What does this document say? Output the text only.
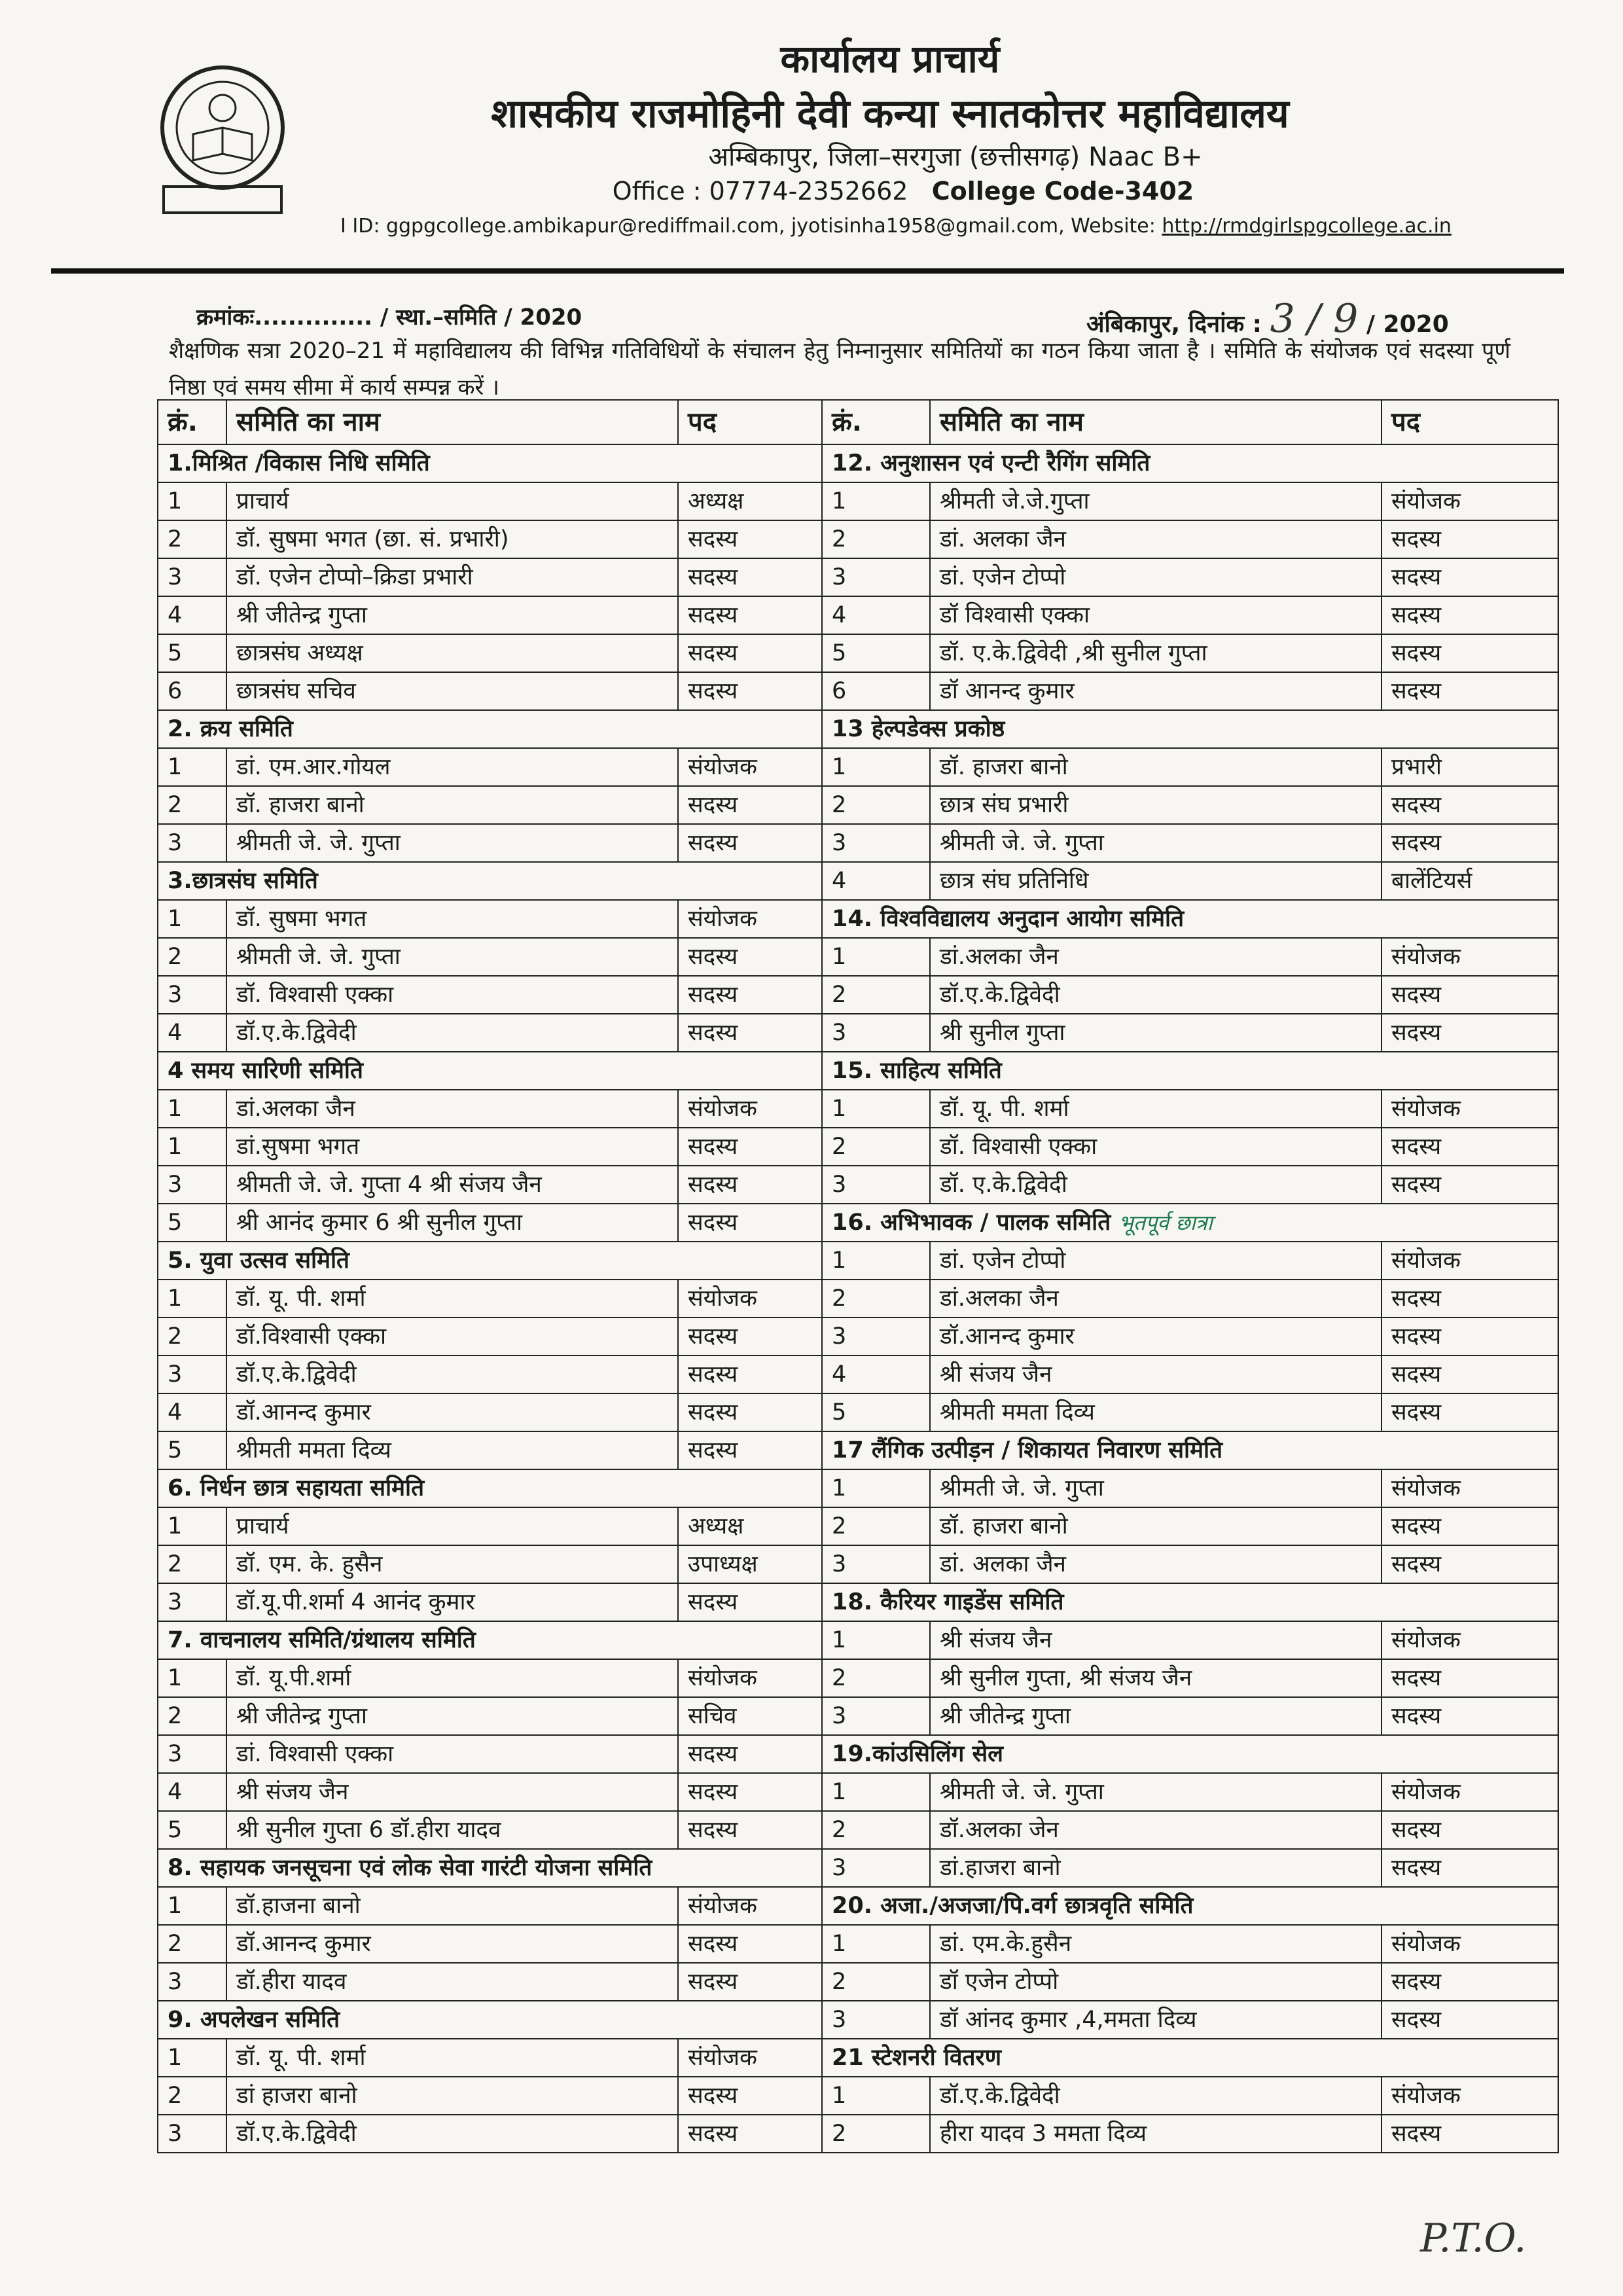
कार्यालय प्राचार्य
शासकीय राजमोहिनी देवी कन्या स्नातकोत्तर महाविद्यालय
अम्बिकापुर, जिला–सरगुजा (छत्तीसगढ़) Naac B+
Office : 07774-2352662 College Code-3402
I ID: ggpgcollege.ambikapur@rediffmail.com, jyotisinha1958@gmail.com, Website: http://rmdgirlspgcollege.ac.in
क्रमांकः.............. / स्था.–समिति / 2020	अंबिकापुर, दिनांक : 3 / 9 / 2020
शैक्षणिक सत्रा 2020–21 में महाविद्यालय की विभिन्न गतिविधियों के संचालन हेतु निम्नानुसार समितियों का गठन किया जाता है । समिति के संयोजक एवं सदस्या पूर्ण निष्ठा एवं समय सीमा में कार्य सम्पन्न करें ।
क्रं.	समिति का नाम	पद	क्रं.	समिति का नाम	पद
1.मिश्रित /विकास निधि समिति			12. अनुशासन एवं एन्टी रैगिंग समिति		
1	प्राचार्य	अध्यक्ष	1	श्रीमती जे.जे.गुप्ता	संयोजक
2	डॉ. सुषमा भगत (छा. सं. प्रभारी)	सदस्य	2	डां. अलका जैन	सदस्य
3	डॉ. एजेन टोप्पो–क्रिडा प्रभारी	सदस्य	3	डां. एजेन टोप्पो	सदस्य
4	श्री जीतेन्द्र गुप्ता	सदस्य	4	डॉ विश्वासी एक्का	सदस्य
5	छात्रसंघ अध्यक्ष	सदस्य	5	डॉ. ए.के.द्विवेदी ,श्री सुनील गुप्ता	सदस्य
6	छात्रसंघ सचिव	सदस्य	6	डॉ आनन्द कुमार	सदस्य
2. क्रय समिति			13 हेल्पडेक्स प्रकोष्ठ		
1	डां. एम.आर.गोयल	संयोजक	1	डॉ. हाजरा बानो	प्रभारी
2	डॉ. हाजरा बानो	सदस्य	2	छात्र संघ प्रभारी	सदस्य
3	श्रीमती जे. जे. गुप्ता	सदस्य	3	श्रीमती जे. जे. गुप्ता	सदस्य
3.छात्रसंघ समिति			4	छात्र संघ प्रतिनिधि	बालेंटियर्स
1	डॉ. सुषमा भगत	संयोजक	14. विश्वविद्यालय अनुदान आयोग समिति		
2	श्रीमती जे. जे. गुप्ता	सदस्य	1	डां.अलका जैन	संयोजक
3	डॉ. विश्वासी एक्का	सदस्य	2	डॉ.ए.के.द्विवेदी	सदस्य
4	डॉ.ए.के.द्विवेदी	सदस्य	3	श्री सुनील गुप्ता	सदस्य
4 समय सारिणी समिति			15. साहित्य समिति		
1	डां.अलका जैन	संयोजक	1	डॉ. यू. पी. शर्मा	संयोजक
1	डां.सुषमा भगत	सदस्य	2	डॉ. विश्वासी एक्का	सदस्य
3	श्रीमती जे. जे. गुप्ता 4 श्री संजय जैन	सदस्य	3	डॉ. ए.के.द्विवेदी	सदस्य
5	श्री आनंद कुमार 6 श्री सुनील गुप्ता	सदस्य	16. अभिभावक / पालक समिति भूतपूर्व छात्रा		
5. युवा उत्सव समिति			1	डां. एजेन टोप्पो	संयोजक
1	डॉ. यू. पी. शर्मा	संयोजक	2	डां.अलका जैन	सदस्य
2	डॉ.विश्वासी एक्का	सदस्य	3	डॉ.आनन्द कुमार	सदस्य
3	डॉ.ए.के.द्विवेदी	सदस्य	4	श्री संजय जैन	सदस्य
4	डॉ.आनन्द कुमार	सदस्य	5	श्रीमती ममता दिव्य	सदस्य
5	श्रीमती ममता दिव्य	सदस्य	17 लैंगिक उत्पीड़न / शिकायत निवारण समिति		
6. निर्धन छात्र सहायता समिति			1	श्रीमती जे. जे. गुप्ता	संयोजक
1	प्राचार्य	अध्यक्ष	2	डॉ. हाजरा बानो	सदस्य
2	डॉ. एम. के. हुसैन	उपाध्यक्ष	3	डां. अलका जैन	सदस्य
3	डॉ.यू.पी.शर्मा 4 आनंद कुमार	सदस्य	18. कैरियर गाइडेंस समिति		
7. वाचनालय समिति/ग्रंथालय समिति			1	श्री संजय जैन	संयोजक
1	डॉ. यू.पी.शर्मा	संयोजक	2	श्री सुनील गुप्ता, श्री संजय जैन	सदस्य
2	श्री जीतेन्द्र गुप्ता	सचिव	3	श्री जीतेन्द्र गुप्ता	सदस्य
3	डां. विश्वासी एक्का	सदस्य	19.कांउसिलिंग सेल		
4	श्री संजय जैन	सदस्य	1	श्रीमती जे. जे. गुप्ता	संयोजक
5	श्री सुनील गुप्ता 6 डॉ.हीरा यादव	सदस्य	2	डॉ.अलका जेन	सदस्य
8. सहायक जनसूचना एवं लोक सेवा गारंटी योजना समिति			3	डां.हाजरा बानो	सदस्य
1	डॉ.हाजना बानो	संयोजक	20. अजा./अजजा/पि.वर्ग छात्रवृति समिति		
2	डॉ.आनन्द कुमार	सदस्य	1	डां. एम.के.हुसैन	संयोजक
3	डॉ.हीरा यादव	सदस्य	2	डॉ एजेन टोप्पो	सदस्य
9. अपलेखन समिति			3	डॉ आंनद कुमार ,4,ममता दिव्य	सदस्य
1	डॉ. यू. पी. शर्मा	संयोजक	21 स्टेशनरी वितरण		
2	डां हाजरा बानो	सदस्य	1	डॉ.ए.के.द्विवेदी	संयोजक
3	डॉ.ए.के.द्विवेदी	सदस्य	2	हीरा यादव 3 ममता दिव्य	सदस्य
P.T.O.
